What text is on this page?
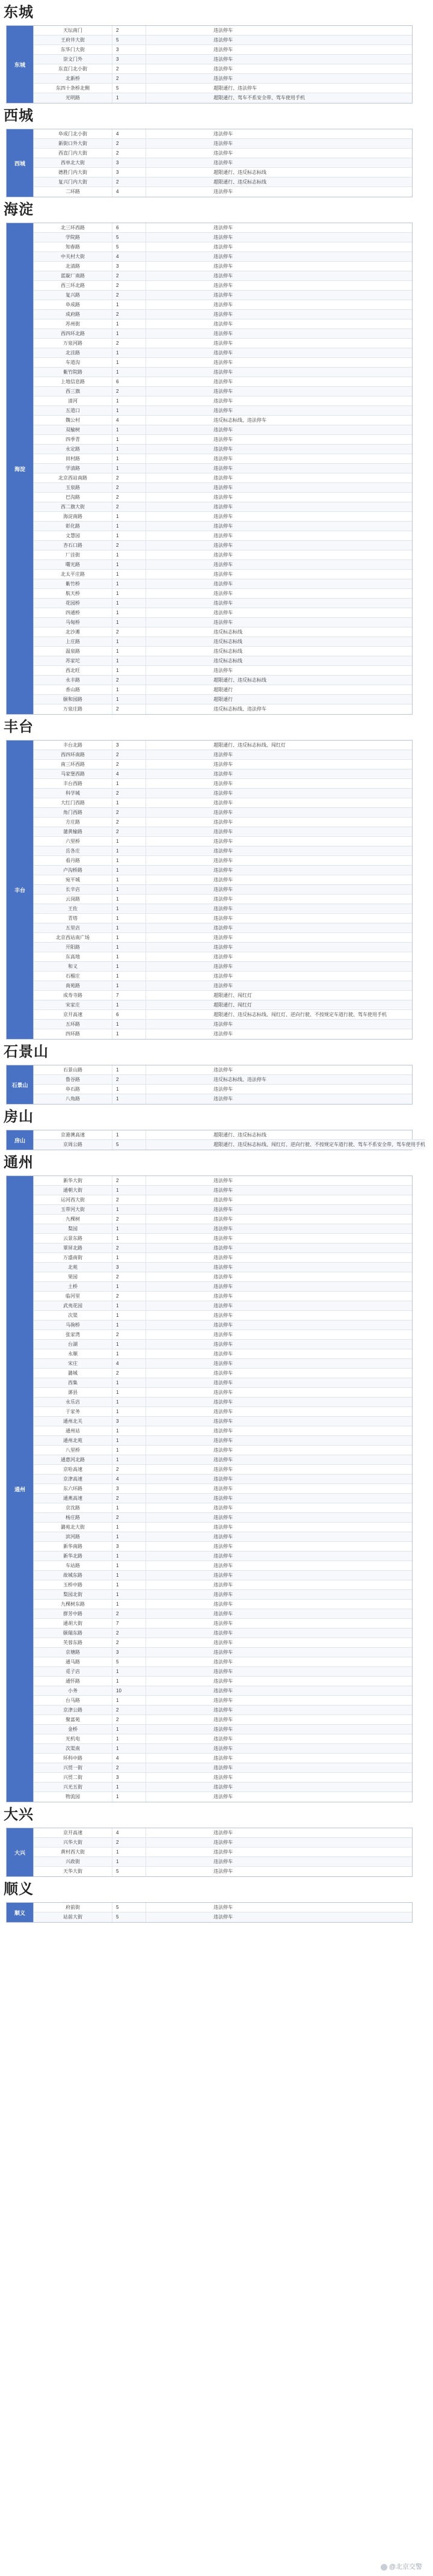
东城
东城
天坛南门	2	违法停车
王府井大街	5	违法停车
东华门大街	3	违法停车
崇文门外	3	违法停车
东直门北小街	2	违法停车
北新桥	2	违法停车
东四十条桥北侧	5	超限通行、违法停车
光明路	1	超限通行、驾车不系安全带、驾车使用手机
西城
西城
阜成门北小街	4	违法停车
新街口外大街	2	违法停车
西直门内大街	2	违法停车
西单北大街	3	违法停车
德胜门内大街	3	超限通行、违反标志标线
复兴门内大街	2	超限通行、违反标志标线
二环路	4	违法停车
海淀
海淀
北三环西路	6	违法停车
学院路	5	违法停车
知春路	5	违法停车
中关村大街	4	违法停车
北清路	3	违法停车
蓝靛厂南路	2	违法停车
西三环北路	2	违法停车
复兴路	2	违法停车
阜成路	1	违法停车
成府路	2	违法停车
苏州街	1	违法停车
西四环北路	1	违法停车
万泉河路	2	违法停车
北洼路	1	违法停车
车道沟	1	违法停车
紫竹院路	1	违法停车
上地信息路	6	违法停车
西三旗	2	违法停车
清河	1	违法停车
五道口	1	违法停车
魏公村	4	违反标志标线、违法停车
双榆树	1	违法停车
四季青	1	违法停车
永定路	1	违法停车
田村路	1	违法停车
学清路	1	违法停车
北京西站南路	2	违法停车
玉泉路	2	违法停车
巴沟路	2	违法停车
西二旗大街	2	违法停车
海淀南路	1	违法停车
彰化路	1	违法停车
文慧园	1	违法停车
杏石口路	2	违法停车
厂洼街	1	违法停车
曙光路	1	违法停车
北太平庄路	1	违法停车
紫竹桥	1	违法停车
航天桥	1	违法停车
花园桥	1	违法停车
四通桥	1	违法停车
马甸桥	1	违法停车
北沙滩	2	违反标志标线
上庄路	1	违反标志标线
温泉路	1	违反标志标线
苏家坨	1	违反标志标线
西北旺	1	违法停车
永丰路	2	超限通行、违反标志标线
香山路	1	超限通行
颐和园路	1	超限通行
万泉庄路	2	违反标志标线、违法停车
丰台
丰台
丰台北路	3	超限通行、违反标志标线、闯红灯
西四环南路	2	违法停车
南三环西路	2	违法停车
马家堡西路	4	违法停车
丰台西路	1	违法停车
科学城	2	违法停车
大红门西路	1	违法停车
角门西路	2	违法停车
方庄路	2	违法停车
蒲黄榆路	2	违法停车
六里桥	1	违法停车
岳各庄	1	违法停车
看丹路	1	违法停车
卢沟桥路	1	违法停车
宛平城	1	违法停车
长辛店	1	违法停车
云岗路	1	违法停车
王佐	1	违法停车
青塔	1	违法停车
五里店	1	违法停车
北京西站南广场	1	违法停车
开阳路	1	违法停车
东高地	1	违法停车
和义	1	违法停车
石榴庄	1	违法停车
南苑路	1	违法停车
成寿寺路	7	超限通行、闯红灯
宋家庄	1	超限通行、闯红灯
京开高速	6	超限通行、违反标志标线、闯红灯、逆向行驶、不按规定车道行驶、驾车使用手机
五环路	1	违法停车
四环路	1	违法停车
石景山
石景山
石景山路	1	违法停车
鲁谷路	2	违反标志标线、违法停车
阜石路	1	违法停车
八角路	1	违法停车
房山
房山
京港澳高速	1	超限通行、违反标志标线
京周公路	5	超限通行、违反标志标线、闯红灯、逆向行驶、不按规定车道行驶、驾车不系安全带、驾车使用手机
通州
通州
新华大街	2	违法停车
通朝大街	1	违法停车
运河西大街	2	违法停车
玉带河大街	1	违法停车
九棵树	2	违法停车
梨园	1	违法停车
云景东路	1	违法停车
翠屏北路	2	违法停车
万盛南街	1	违法停车
北苑	3	违法停车
果园	2	违法停车
土桥	1	违法停车
临河里	2	违法停车
武夷花园	1	违法停车
次渠	1	违法停车
马驹桥	1	违法停车
张家湾	2	违法停车
台湖	1	违法停车
永顺	1	违法停车
宋庄	4	违法停车
潞城	2	违法停车
西集	1	违法停车
漷县	1	违法停车
永乐店	1	违法停车
于家务	1	违法停车
通州北关	3	违法停车
通州站	1	违法停车
通州北苑	1	违法停车
八里桥	1	违法停车
通惠河北路	1	违法停车
京哈高速	2	违法停车
京津高速	4	违法停车
东六环路	3	违法停车
通燕高速	2	违法停车
京沈路	1	违法停车
杨庄路	2	违法停车
潞苑北大街	1	违法停车
滨河路	1	违法停车
新华南路	3	违法停车
新华北路	1	违法停车
车站路	1	违法停车
故城东路	1	违法停车
玉桥中路	1	违法停车
梨园北街	1	违法停车
九棵树东路	1	违法停车
群芳中路	2	违法停车
通胡大街	7	违法停车
颐瑞东路	2	违法停车
芙蓉东路	2	违法停车
京塘路	3	违法停车
通马路	5	违法停车
觅子店	1	违法停车
通怀路	1	违法停车
小务	10	违法停车
台马路	1	违法停车
京津公路	2	违法停车
聚富苑	2	违法停车
金桥	1	违法停车
光机电	1	违法停车
次渠南	1	违法停车
环科中路	4	违法停车
兴贸一街	2	违法停车
兴贸二街	3	违法停车
兴光五街	1	违法停车
物流园	1	违法停车
大兴
大兴
京开高速	4	违法停车
兴华大街	2	违法停车
黄村西大街	1	违法停车
兴政街	1	违法停车
天华大街	5	违法停车
顺义
顺义
府前街	5	违法停车
站前大街	5	违法停车
@北京交警
